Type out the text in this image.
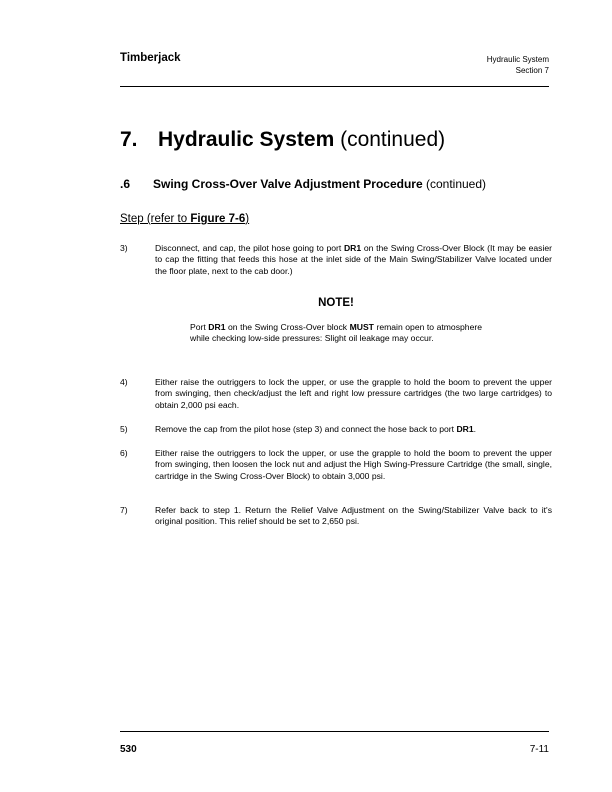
Timberjack	Hydraulic System
Section 7
7. Hydraulic System (continued)
.6 Swing Cross-Over Valve Adjustment Procedure (continued)
Step (refer to Figure 7-6)
3)	Disconnect, and cap, the pilot hose going to port DR1 on the Swing Cross-Over Block (It may be easier to cap the fitting that feeds this hose at the inlet side of the Main Swing/Stabilizer Valve located under the floor plate, next to the cab door.)
NOTE!
Port DR1 on the Swing Cross-Over block MUST remain open to atmosphere while checking low-side pressures: Slight oil leakage may occur.
4)	Either raise the outriggers to lock the upper, or use the grapple to hold the boom to prevent the upper from swinging, then check/adjust the left and right low pressure cartridges (the two large cartridges) to obtain 2,000 psi each.
5)	Remove the cap from the pilot hose (step 3) and connect the hose back to port DR1.
6)	Either raise the outriggers to lock the upper, or use the grapple to hold the boom to prevent the upper from swinging, then loosen the lock nut and adjust the High Swing-Pressure Cartridge (the small, single, cartridge in the Swing Cross-Over Block) to obtain 3,000 psi.
7)	Refer back to step 1. Return the Relief Valve Adjustment on the Swing/Stabilizer Valve back to it's original position. This relief should be set to 2,650 psi.
530	7-11
